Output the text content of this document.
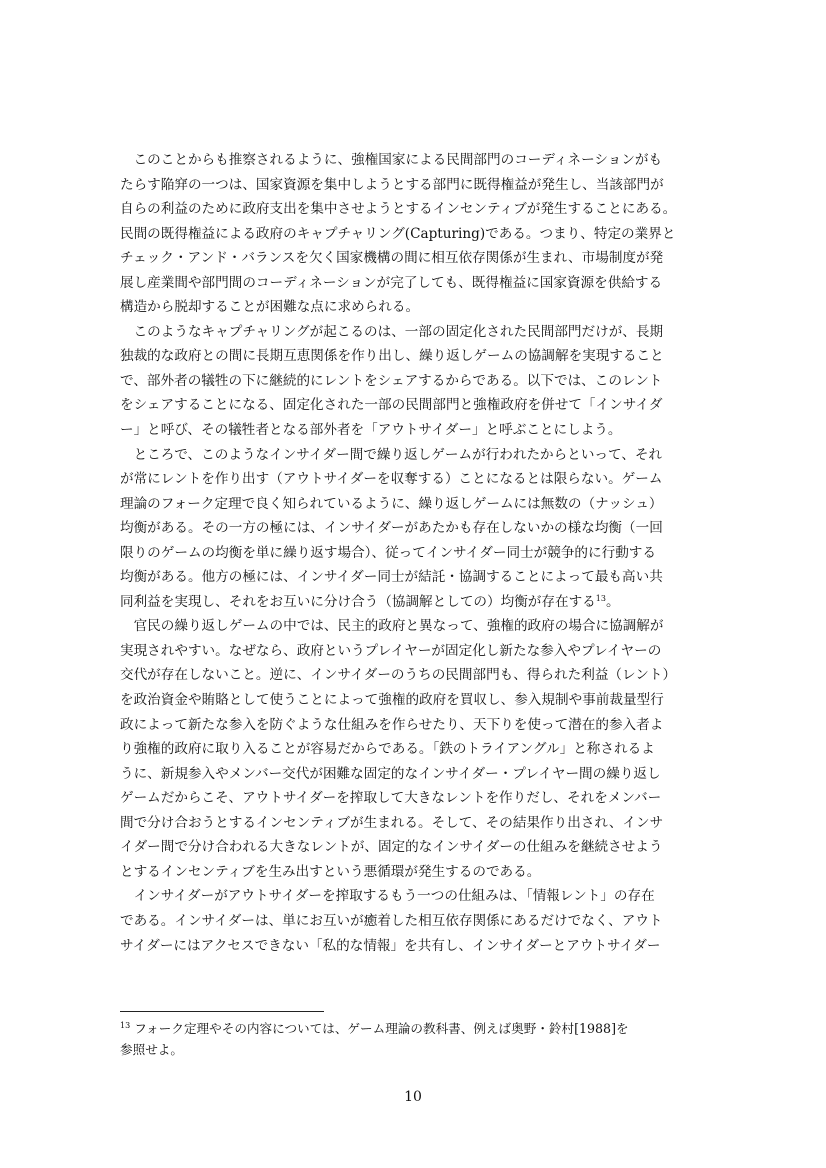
　このことからも推察されるように、強権国家による民間部門のコーディネーションがも
たらす陥穽の一つは、国家資源を集中しようとする部門に既得権益が発生し、当該部門が
自らの利益のために政府支出を集中させようとするインセンティブが発生することにある。
民間の既得権益による政府のキャプチャリング(Capturing)である。つまり、特定の業界と
チェック・アンド・バランスを欠く国家機構の間に相互依存関係が生まれ、市場制度が発
展し産業間や部門間のコーディネーションが完了しても、既得権益に国家資源を供給する
構造から脱却することが困難な点に求められる。
　このようなキャプチャリングが起こるのは、一部の固定化された民間部門だけが、長期
独裁的な政府との間に長期互恵関係を作り出し、繰り返しゲームの協調解を実現すること
で、部外者の犠牲の下に継続的にレントをシェアするからである。以下では、このレント
をシェアすることになる、固定化された一部の民間部門と強権政府を併せて「インサイダ
ー」と呼び、その犠牲者となる部外者を「アウトサイダー」と呼ぶことにしよう。
　ところで、このようなインサイダー間で繰り返しゲームが行われたからといって、それ
が常にレントを作り出す（アウトサイダーを収奪する）ことになるとは限らない。ゲーム
理論のフォーク定理で良く知られているように、繰り返しゲームには無数の（ナッシュ）
均衡がある。その一方の極には、インサイダーがあたかも存在しないかの様な均衡（一回
限りのゲームの均衡を単に繰り返す場合）、従ってインサイダー同士が競争的に行動する
均衡がある。他方の極には、インサイダー同士が結託・協調することによって最も高い共
同利益を実現し、それをお互いに分け合う（協調解としての）均衡が存在する$^{13}$。
　官民の繰り返しゲームの中では、民主的政府と異なって、強権的政府の場合に協調解が
実現されやすい。なぜなら、政府というプレイヤーが固定化し新たな参入やプレイヤーの
交代が存在しないこと。逆に、インサイダーのうちの民間部門も、得られた利益（レント）
を政治資金や賄賂として使うことによって強権的政府を買収し、参入規制や事前裁量型行
政によって新たな参入を防ぐような仕組みを作らせたり、天下りを使って潜在的参入者よ
り強権的政府に取り入ることが容易だからである。「鉄のトライアングル」と称されるよ
うに、新規参入やメンバー交代が困難な固定的なインサイダー・プレイヤー間の繰り返し
ゲームだからこそ、アウトサイダーを搾取して大きなレントを作りだし、それをメンバー
間で分け合おうとするインセンティブが生まれる。そして、その結果作り出され、インサ
イダー間で分け合われる大きなレントが、固定的なインサイダーの仕組みを継続させよう
とするインセンティブを生み出すという悪循環が発生するのである。
　インサイダーがアウトサイダーを搾取するもう一つの仕組みは、「情報レント」の存在
である。インサイダーは、単にお互いが癒着した相互依存関係にあるだけでなく、アウト
サイダーにはアクセスできない「私的な情報」を共有し、インサイダーとアウトサイダー
$^{13}$ フォーク定理やその内容については、ゲーム理論の教科書、例えば奥野・鈴村[1988]を
参照せよ。
10
